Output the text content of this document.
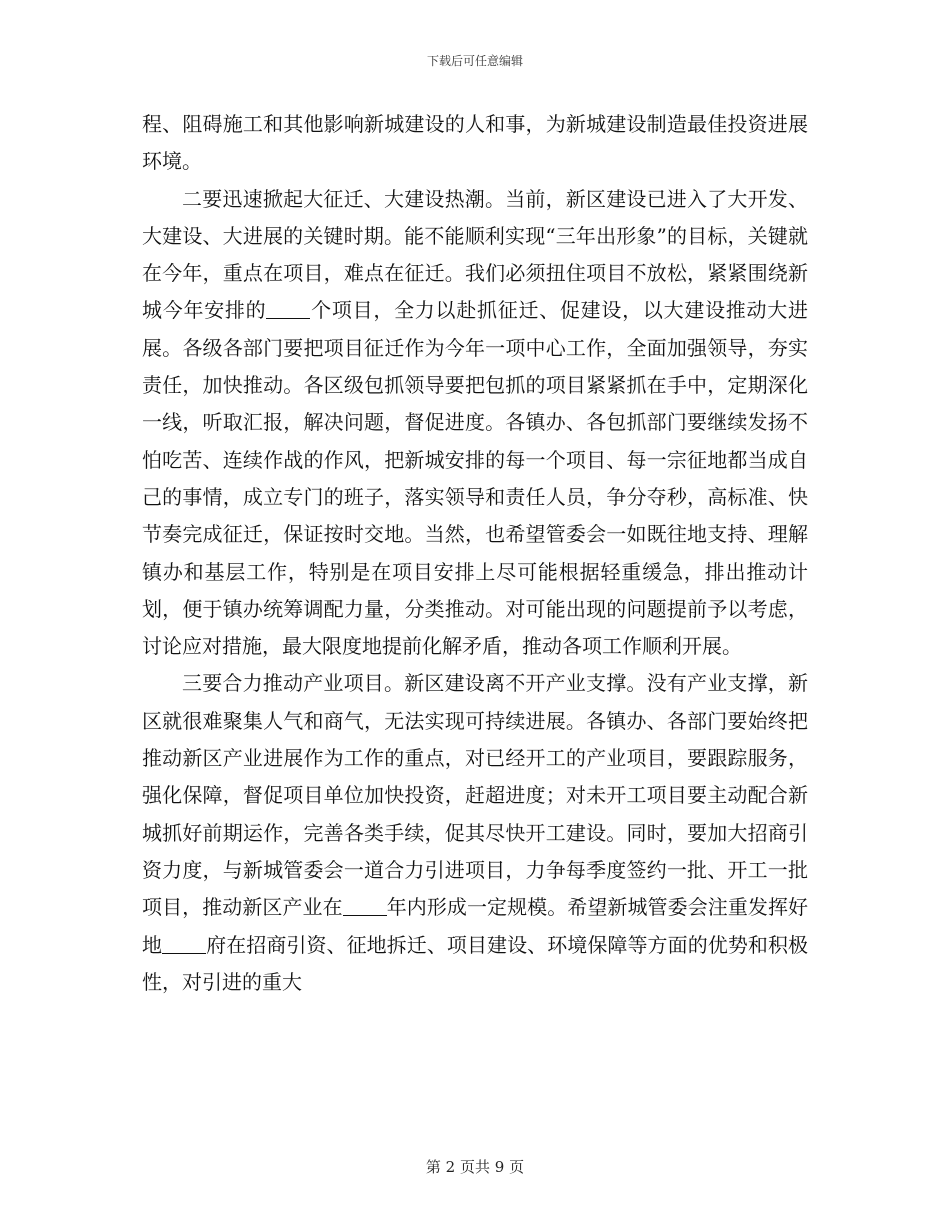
下载后可任意编辑

程、阻碍施工和其他影响新城建设的人和事，为新城建设制造最佳投资进展环境。

二要迅速掀起大征迁、大建设热潮。当前，新区建设已进入了大开发、大建设、大进展的关键时期。能不能顺利实现“三年出形象”的目标，关键就在今年，重点在项目，难点在征迁。我们必须扭住项目不放松，紧紧围绕新城今年安排的 个项目，全力以赴抓征迁、促建设，以大建设推动大进展。各级各部门要把项目征迁作为今年一项中心工作，全面加强领导，夯实责任，加快推动。各区级包抓领导要把包抓的项目紧紧抓在手中，定期深化一线，听取汇报，解决问题，督促进度。各镇办、各包抓部门要继续发扬不怕吃苦、连续作战的作风，把新城安排的每一个项目、每一宗征地都当成自己的事情，成立专门的班子，落实领导和责任人员，争分夺秒，高标准、快节奏完成征迁，保证按时交地。当然，也希望管委会一如既往地支持、理解镇办和基层工作，特别是在项目安排上尽可能根据轻重缓急，排出推动计划，便于镇办统筹调配力量，分类推动。对可能出现的问题提前予以考虑，讨论应对措施，最大限度地提前化解矛盾，推动各项工作顺利开展。

三要合力推动产业项目。新区建设离不开产业支撑。没有产业支撑，新区就很难聚集人气和商气，无法实现可持续进展。各镇办、各部门要始终把推动新区产业进展作为工作的重点，对已经开工的产业项目，要跟踪服务，强化保障，督促项目单位加快投资，赶超进度；对未开工项目要主动配合新城抓好前期运作，完善各类手续，促其尽快开工建设。同时，要加大招商引资力度，与新城管委会一道合力引进项目，力争每季度签约一批、开工一批项目，推动新区产业在 年内形成一定规模。希望新城管委会注重发挥好地 府在招商引资、征地拆迁、项目建设、环境保障等方面的优势和积极性，对引进的重大

第 2 页共 9 页
